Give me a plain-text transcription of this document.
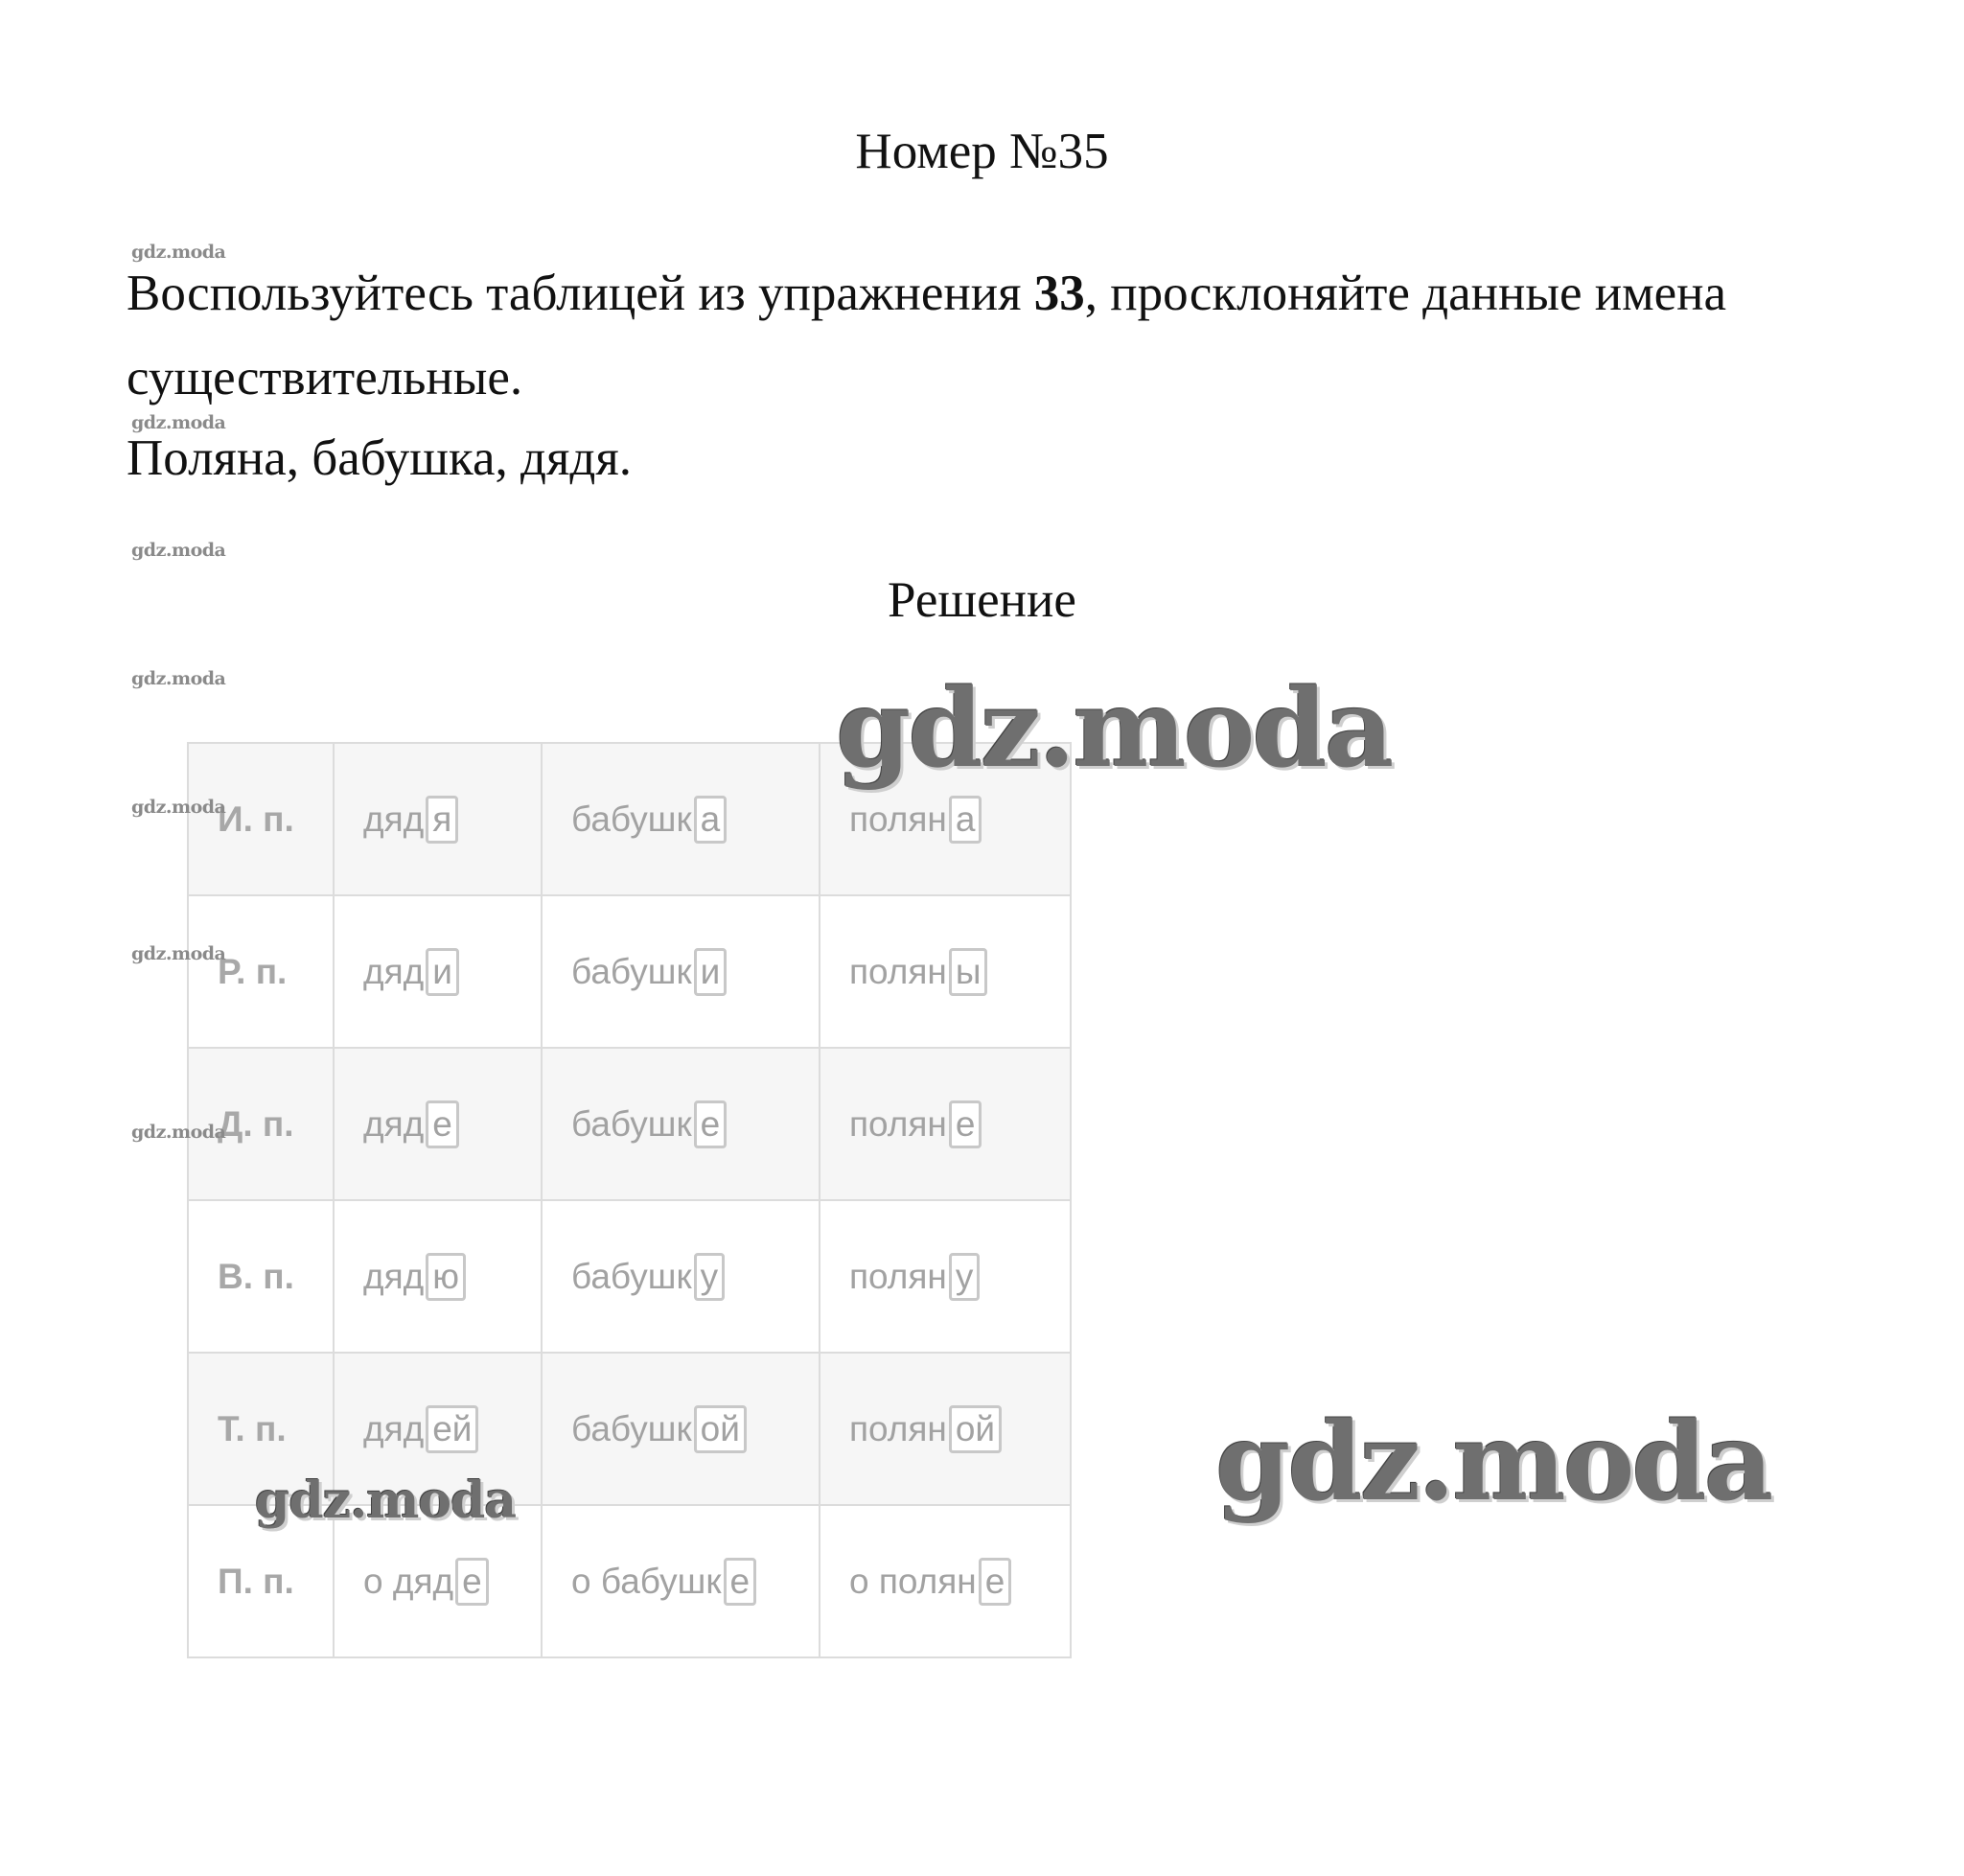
Номер №35
Воспользуйтесь таблицей из упражнения 33, просклоняйте данные имена существительные.
Поляна, бабушка, дядя.
Решение
gdz.moda
gdz.moda
gdz.moda
gdz.moda
И. п.	дяд я	бабушк а	полян а
Р. п.	дяд и	бабушк и	полян ы
Д. п.	дяд е	бабушк е	полян е
В. п.	дяд ю	бабушк у	полян у
Т. п.	дяд ей	бабушк ой	полян ой
П. п.	о дяд е	о бабушк е	о полян е
gdz.moda
gdz.moda
gdz.moda
gdz.moda
gdz.moda
gdz.moda
